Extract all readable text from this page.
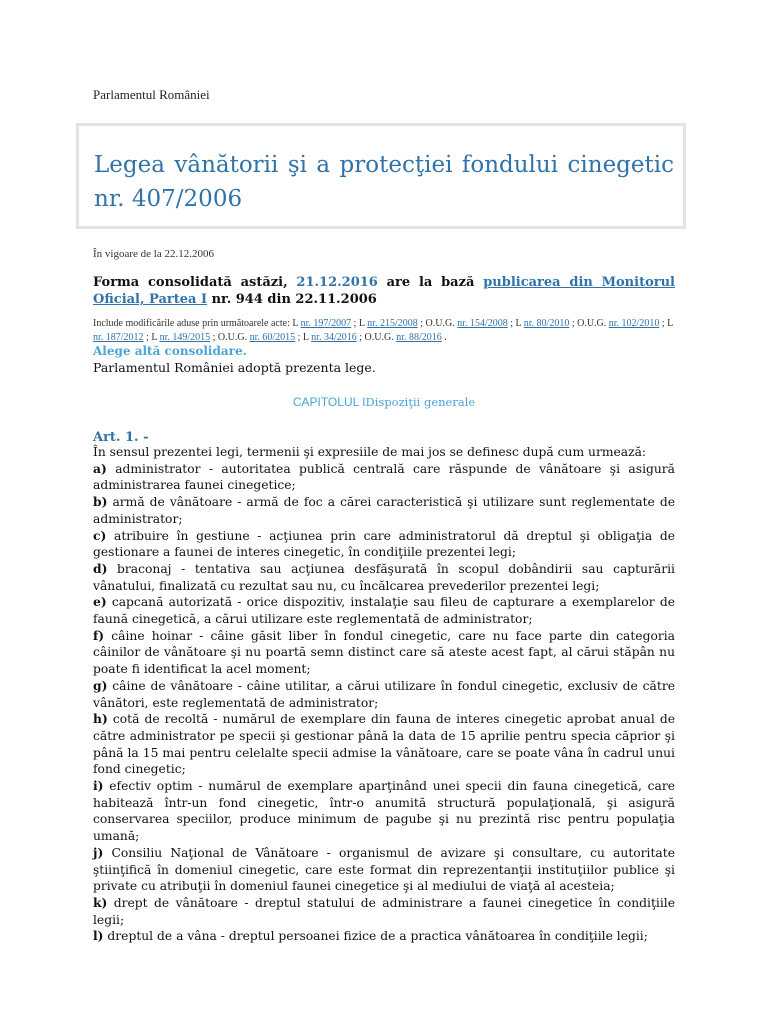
Parlamentul României
Legea vânătorii şi a protecţiei fondului cinegetic nr. 407/2006
În vigoare de la 22.12.2006
Forma consolidată astăzi, 21.12.2016 are la bază publicarea din Monitorul Oficial, Partea I nr. 944 din 22.11.2006
Include modificările aduse prin următoarele acte: L nr. 197/2007 ; L nr. 215/2008 ; O.U.G. nr. 154/2008 ; L nr. 80/2010 ; O.U.G. nr. 102/2010 ; L nr. 187/2012 ; L nr. 149/2015 ; O.U.G. nr. 60/2015 ; L nr. 34/2016 ; O.U.G. nr. 88/2016 .
Alege altă consolidare.
Parlamentul României adoptă prezenta lege.
CAPITOLUL IDispoziţii generale
Art. 1. -

În sensul prezentei legi, termenii şi expresiile de mai jos se definesc după cum urmează:

a) administrator - autoritatea publică centrală care răspunde de vânătoare şi asigură administrarea faunei cinegetice;

b) armă de vânătoare - armă de foc a cărei caracteristică şi utilizare sunt reglementate de administrator;

c) atribuire în gestiune - acţiunea prin care administratorul dă dreptul şi obligaţia de gestionare a faunei de interes cinegetic, în condiţiile prezentei legi;

d) braconaj - tentativa sau acţiunea desfăşurată în scopul dobândirii sau capturării vânatului, finalizată cu rezultat sau nu, cu încălcarea prevederilor prezentei legi;

e) capcană autorizată - orice dispozitiv, instalaţie sau fileu de capturare a exemplarelor de faună cinegetică, a cărui utilizare este reglementată de administrator;

f) câine hoinar - câine găsit liber în fondul cinegetic, care nu face parte din categoria câinilor de vânătoare şi nu poartă semn distinct care să ateste acest fapt, al cărui stăpân nu poate fi identificat la acel moment;

g) câine de vânătoare - câine utilitar, a cărui utilizare în fondul cinegetic, exclusiv de către vânători, este reglementată de administrator;

h) cotă de recoltă - numărul de exemplare din fauna de interes cinegetic aprobat anual de către administrator pe specii şi gestionar până la data de 15 aprilie pentru specia căprior şi până la 15 mai pentru celelalte specii admise la vânătoare, care se poate vâna în cadrul unui fond cinegetic;

i) efectiv optim - numărul de exemplare aparţinând unei specii din fauna cinegetică, care habitează într-un fond cinegetic, într-o anumită structură populaţională, şi asigură conservarea speciilor, produce minimum de pagube şi nu prezintă risc pentru populaţia umană;

j) Consiliu Naţional de Vânătoare - organismul de avizare şi consultare, cu autoritate ştiinţifică în domeniul cinegetic, care este format din reprezentanţii instituţiilor publice şi private cu atribuţii în domeniul faunei cinegetice şi al mediului de viaţă al acesteia;

k) drept de vânătoare - dreptul statului de administrare a faunei cinegetice în condiţiile legii;

l) dreptul de a vâna - dreptul persoanei fizice de a practica vânătoarea în condiţiile legii;
